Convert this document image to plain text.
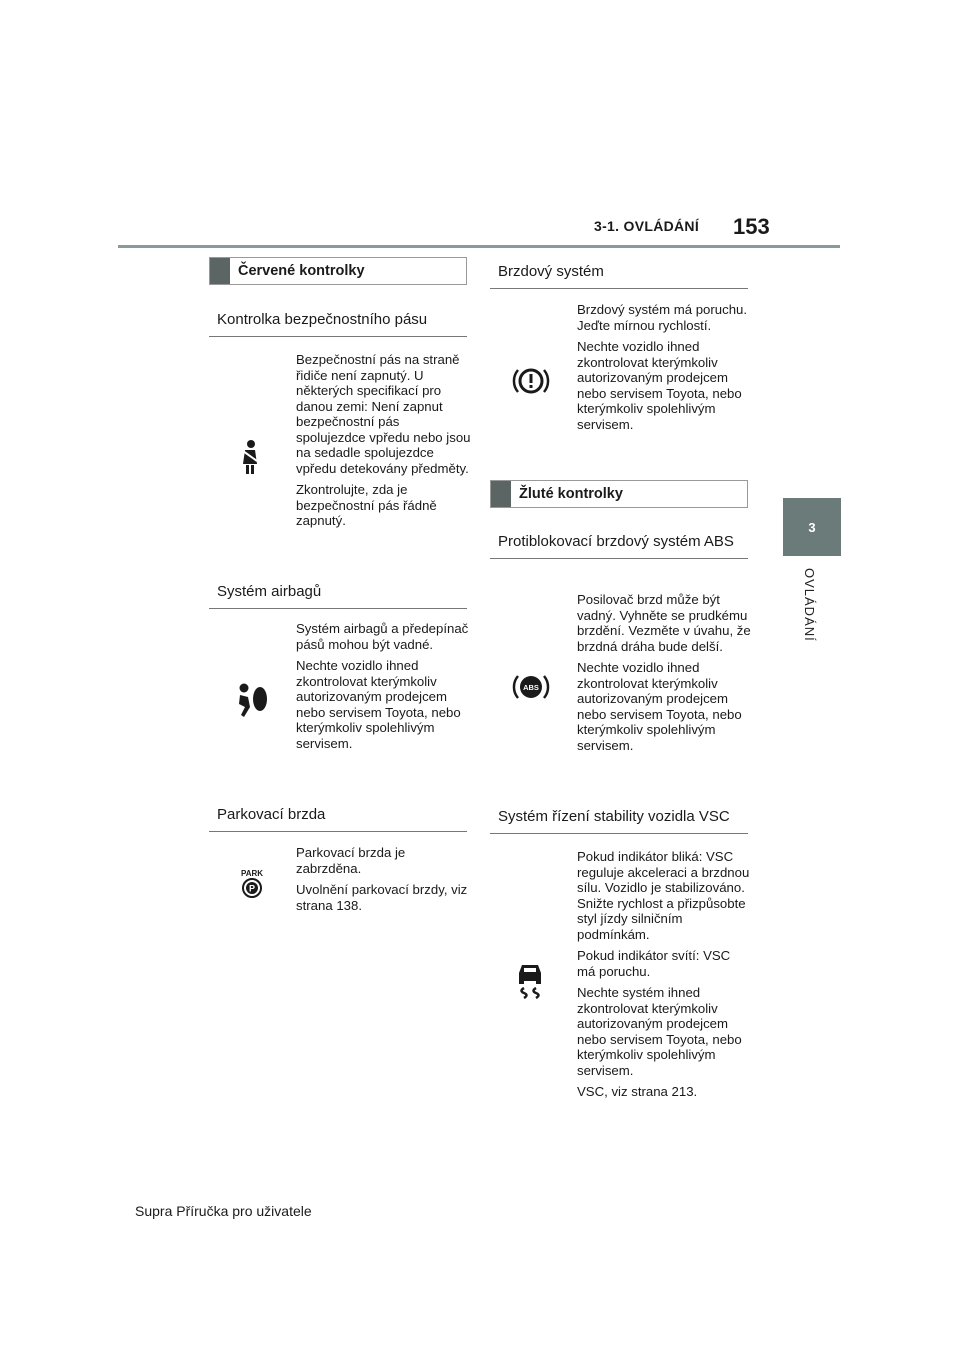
3-1. OVLÁDÁNÍ 153
3
OVLÁDÁNÍ
Červené kontrolky
Kontrolka bezpečnostního pásu

Bezpečnostní pás na straně řidiče není zapnutý. U některých specifikací pro danou zemi: Není zapnut bezpečnostní pás spolujezdce vpředu nebo jsou na sedadle spolujezdce vpředu detekovány předměty.

Zkontrolujte, zda je bezpečnostní pás řádně zapnutý.

Systém airbagů

Systém airbagů a předepínač pásů mohou být vadné.

Nechte vozidlo ihned zkontrolovat kterýmkoliv autorizovaným prodejcem nebo servisem Toyota, nebo kterýmkoliv spolehlivým servisem.

Parkovací brzda
PARK
P

Parkovací brzda je zabrzděna.

Uvolnění parkovací brzdy, viz strana 138.

Brzdový systém

Brzdový systém má poruchu. Jeďte mírnou rychlostí.

Nechte vozidlo ihned zkontrolovat kterýmkoliv autorizovaným prodejcem nebo servisem Toyota, nebo kterýmkoliv spolehlivým servisem.

Žluté kontrolky
Protiblokovací brzdový systém ABS
ABS

Posilovač brzd může být vadný. Vyhněte se prudkému brzdění. Vezměte v úvahu, že brzdná dráha bude delší.

Nechte vozidlo ihned zkontrolovat kterýmkoliv autorizovaným prodejcem nebo servisem Toyota, nebo kterýmkoliv spolehlivým servisem.

Systém řízení stability vozidla VSC

Pokud indikátor bliká: VSC reguluje akceleraci a brzdnou sílu. Vozidlo je stabilizováno. Snižte rychlost a přizpůsobte styl jízdy silničním podmínkám.

Pokud indikátor svítí: VSC má poruchu.

Nechte systém ihned zkontrolovat kterýmkoliv autorizovaným prodejcem nebo servisem Toyota, nebo kterýmkoliv spolehlivým servisem.

VSC, viz strana 213.

Supra Příručka pro uživatele
